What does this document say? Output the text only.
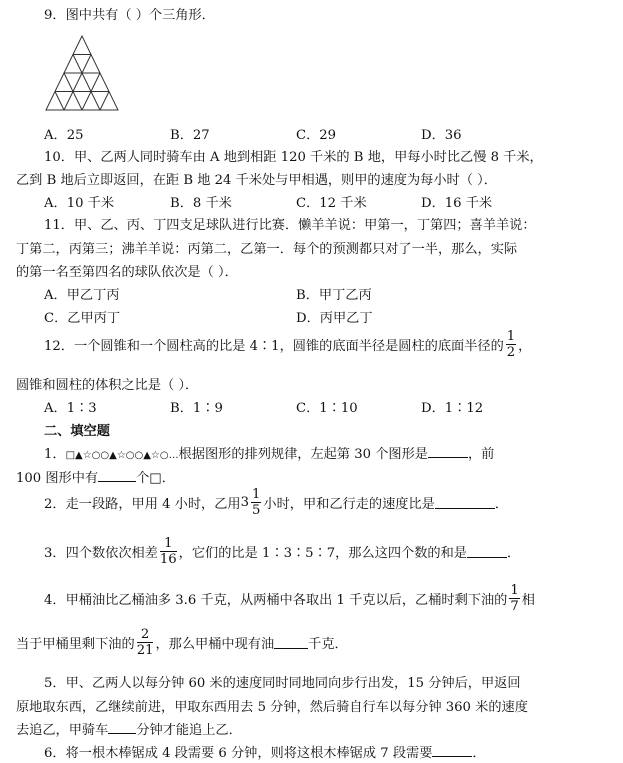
9．图中共有（ ）个三角形．
A．25	B．27	C．29	D．36
10．甲、乙两人同时骑车由 A 地到相距 120 千米的 B 地，甲每小时比乙慢 8 千米，
乙到 B 地后立即返回，在距 B 地 24 千米处与甲相遇，则甲的速度为每小时（ ）．
A．10 千米	B．8 千米	C．12 千米	D．16 千米
11．甲、乙、丙、丁四支足球队进行比赛．懒羊羊说：甲第一，丁第四；喜羊羊说：
丁第二，丙第三；沸羊羊说：丙第二，乙第一．每个的预测都只对了一半，那么，实际
的第一名至第四名的球队依次是（ ）．
A．甲乙丁丙	B．甲丁乙丙
C．乙甲丙丁	D．丙甲乙丁
12．一个圆锥和一个圆柱高的比是 4∶1，圆锥的底面半径是圆柱的底面半径的 $\frac{1}{2}$ ，
圆锥和圆柱的体积之比是（ ）．
A．1∶3	B．1∶9	C．1∶10	D．1∶12
二、填空题
1．□▲☆○○▲☆○○▲☆○…根据图形的排列规律，左起第 30 个图形是	，前
100 图形中有	个□．
2．走一段路，甲用 4 小时，乙用$3 \frac{1}{5}$ 小时，甲和乙行走的速度比是	．
3．四个数依次相差 $\frac{1}{16}$ ，它们的比是 1∶3∶5∶7，那么这四个数的和是	．
4．甲桶油比乙桶油多 3.6 千克，从两桶中各取出 1 千克以后，乙桶时剩下油的 $\frac{1}{7}$ 相
当于甲桶里剩下油的 $\frac{2}{21}$ ，那么甲桶中现有油	千克．
5．甲、乙两人以每分钟 60 米的速度同时同地同向步行出发，15 分钟后，甲返回
原地取东西，乙继续前进，甲取东西用去 5 分钟，然后骑自行车以每分钟 360 米的速度
去追乙，甲骑车 分钟才能追上乙．
6．将一根木棒锯成 4 段需要 6 分钟，则将这根木棒锯成 7 段需要	．
